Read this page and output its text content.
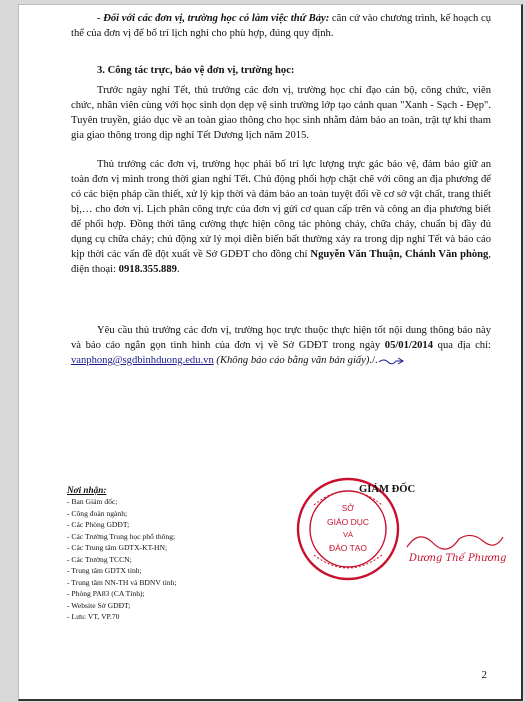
- Đối với các đơn vị, trường học có làm việc thứ Bảy: căn cứ vào chương trình, kế hoạch cụ thể của đơn vị để bố trí lịch nghỉ cho phù hợp, đúng quy định.
3. Công tác trực, bảo vệ đơn vị, trường học:
Trước ngày nghỉ Tết, thủ trưởng các đơn vị, trường học chỉ đạo cán bộ, công chức, viên chức, nhân viên cùng với học sinh dọn dẹp vệ sinh trường lớp tạo cảnh quan "Xanh - Sạch - Đẹp". Tuyên truyền, giáo dục về an toàn giao thông cho học sinh nhằm đảm bảo an toàn, trật tự khi tham gia giao thông trong dịp nghỉ Tết Dương lịch năm 2015.
Thủ trưởng các đơn vị, trường học phải bố trí lực lượng trực gác bảo vệ, đảm bảo giữ an toàn đơn vị mình trong thời gian nghỉ Tết. Chủ động phối hợp chặt chẽ với công an địa phương để có các biện pháp cần thiết, xử lý kịp thời và đảm bảo an toàn tuyệt đối về cơ sở vật chất, trang thiết bị,… cho đơn vị. Lịch phân công trực của đơn vị gửi cơ quan cấp trên và công an địa phương biết để phối hợp. Đồng thời tăng cường thực hiện công tác phòng cháy, chữa cháy, chuẩn bị đầy đủ dụng cụ chữa cháy; chủ động xử lý mọi diễn biến bất thường xảy ra trong dịp nghỉ Tết và báo cáo kịp thời các vấn đề đột xuất về Sở GDĐT cho đồng chí Nguyễn Văn Thuận, Chánh Văn phòng, điện thoại: 0918.355.889.
Yêu cầu thủ trưởng các đơn vị, trường học trực thuộc thực hiện tốt nội dung thông báo này và báo cáo ngắn gọn tình hình của đơn vị về Sở GDĐT trong ngày 05/01/2014 qua địa chỉ: vanphong@sgdbinhduong.edu.vn (Không báo cáo bằng văn bản giấy)./.
Nơi nhận:
- Ban Giám đốc;
- Công đoàn ngành;
- Các Phòng GDĐT;
- Các Trường Trung học phổ thông;
- Các Trung tâm GDTX-KT-HN;
- Các Trường TCCN;
- Trung tâm GDTX tỉnh;
- Trung tâm NN-TH và BDNV tỉnh;
- Phòng PA83 (CA Tỉnh);
- Website Sở GDĐT;
- Lưu: VT, VP.70
SỞ
GIÁO DỤC
VÀ
ĐÀO TẠO
GIÁM ĐỐC
Dương Thế Phương
2
